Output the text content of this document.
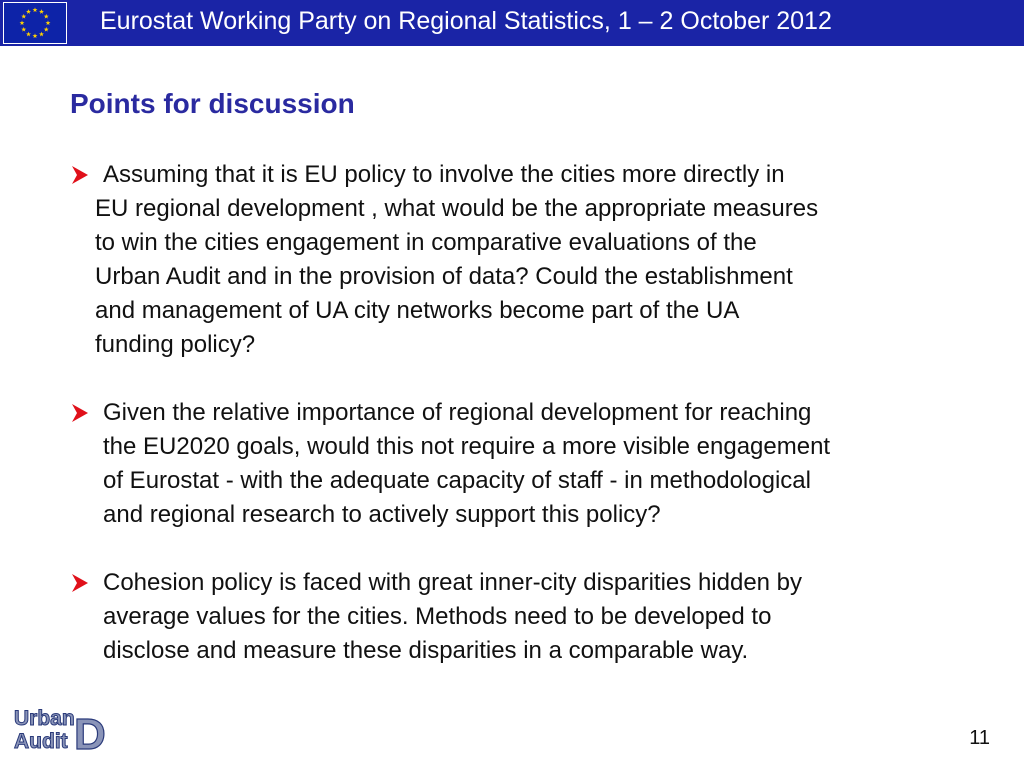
Eurostat Working Party on Regional Statistics, 1 – 2 October 2012
Points for discussion
Assuming that it is EU policy to involve the cities more directly in
EU regional development , what would be the appropriate measures
to win the cities engagement in comparative evaluations of the
Urban Audit and in the provision of data? Could the establishment
and management of UA city networks become part of the UA
funding policy?
Given the relative importance of regional development for reaching
the EU2020 goals, would this not require a more visible engagement
of Eurostat - with the adequate capacity of staff - in methodological
and regional research to actively support this policy?
Cohesion policy is faced with great inner-city disparities hidden by
average values for the cities. Methods need to be developed to
disclose and measure these disparities in a comparable way.
Urban
Audit D	11
